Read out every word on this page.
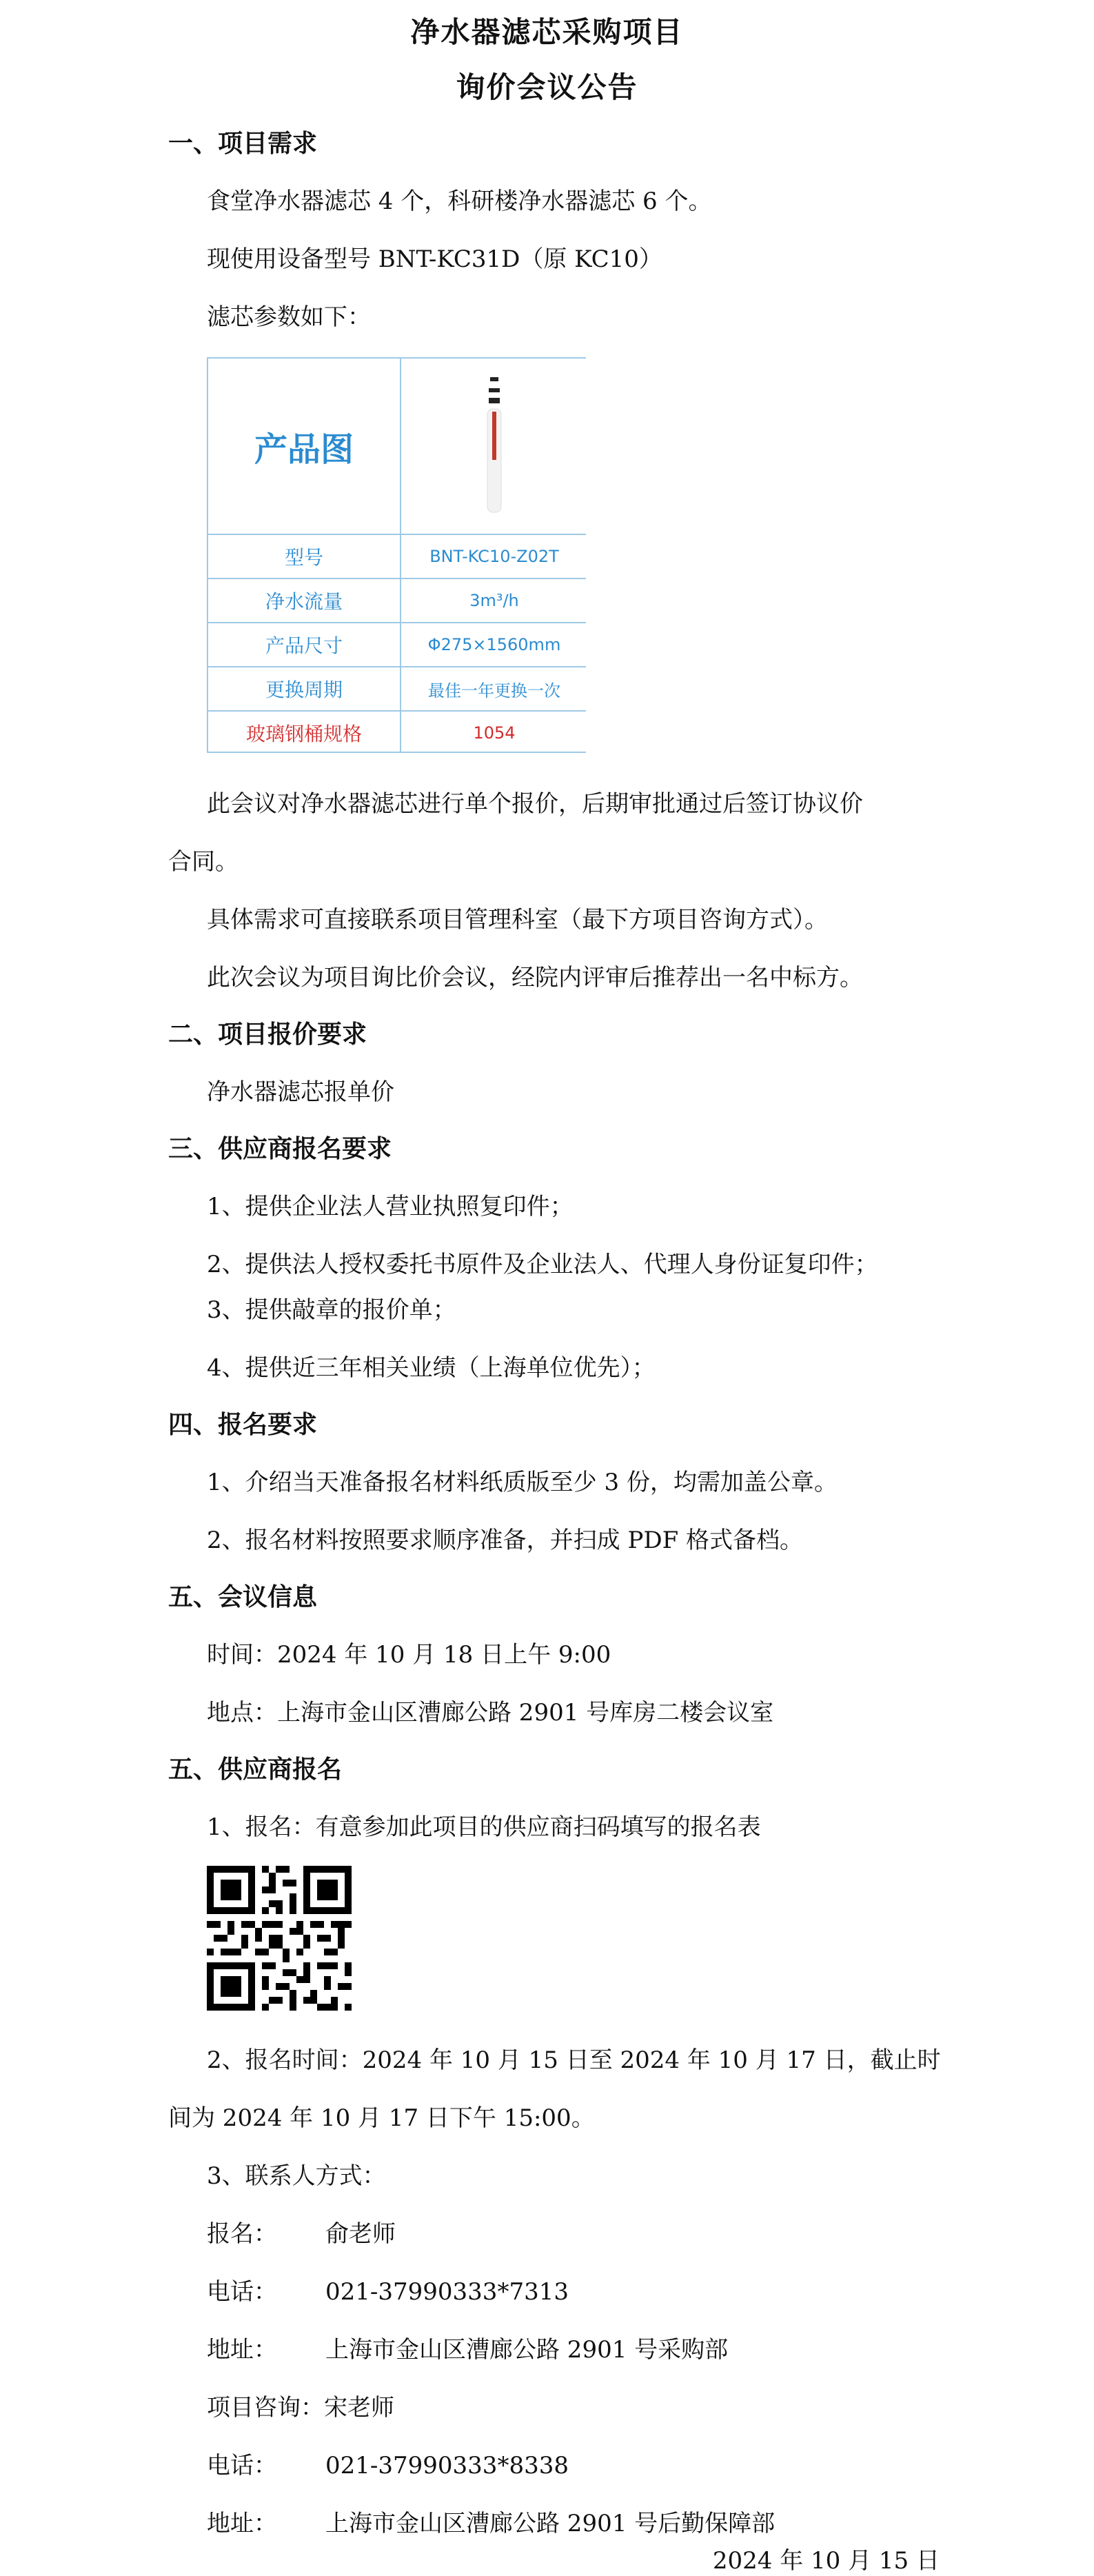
净水器滤芯采购项目
询价会议公告
一、项目需求
食堂净水器滤芯 4 个，科研楼净水器滤芯 6 个。
现使用设备型号 BNT-KC31D（原 KC10）
滤芯参数如下：
产品图
型号	BNT-KC10-Z02T
净水流量	3m³/h
产品尺寸	Φ275×1560mm
更换周期	最佳一年更换一次
玻璃钢桶规格	1054
此会议对净水器滤芯进行单个报价，后期审批通过后签订协议价
合同。
具体需求可直接联系项目管理科室（最下方项目咨询方式）。
此次会议为项目询比价会议，经院内评审后推荐出一名中标方。
二、项目报价要求
净水器滤芯报单价
三、供应商报名要求
1、提供企业法人营业执照复印件；
2、提供法人授权委托书原件及企业法人、代理人身份证复印件；
3、提供敲章的报价单；
4、提供近三年相关业绩（上海单位优先）；
四、报名要求
1、介绍当天准备报名材料纸质版至少 3 份，均需加盖公章。
2、报名材料按照要求顺序准备，并扫成 PDF 格式备档。
五、会议信息
时间：2024 年 10 月 18 日上午 9:00
地点：上海市金山区漕廊公路 2901 号库房二楼会议室
五、供应商报名
1、报名：有意参加此项目的供应商扫码填写的报名表
2、报名时间：2024 年 10 月 15 日至 2024 年 10 月 17 日，截止时
间为 2024 年 10 月 17 日下午 15:00。
3、联系人方式：
报名： 俞老师
电话： 021-37990333*7313
地址： 上海市金山区漕廊公路 2901 号采购部
项目咨询：宋老师
电话： 021-37990333*8338
地址： 上海市金山区漕廊公路 2901 号后勤保障部
2024 年 10 月 15 日
